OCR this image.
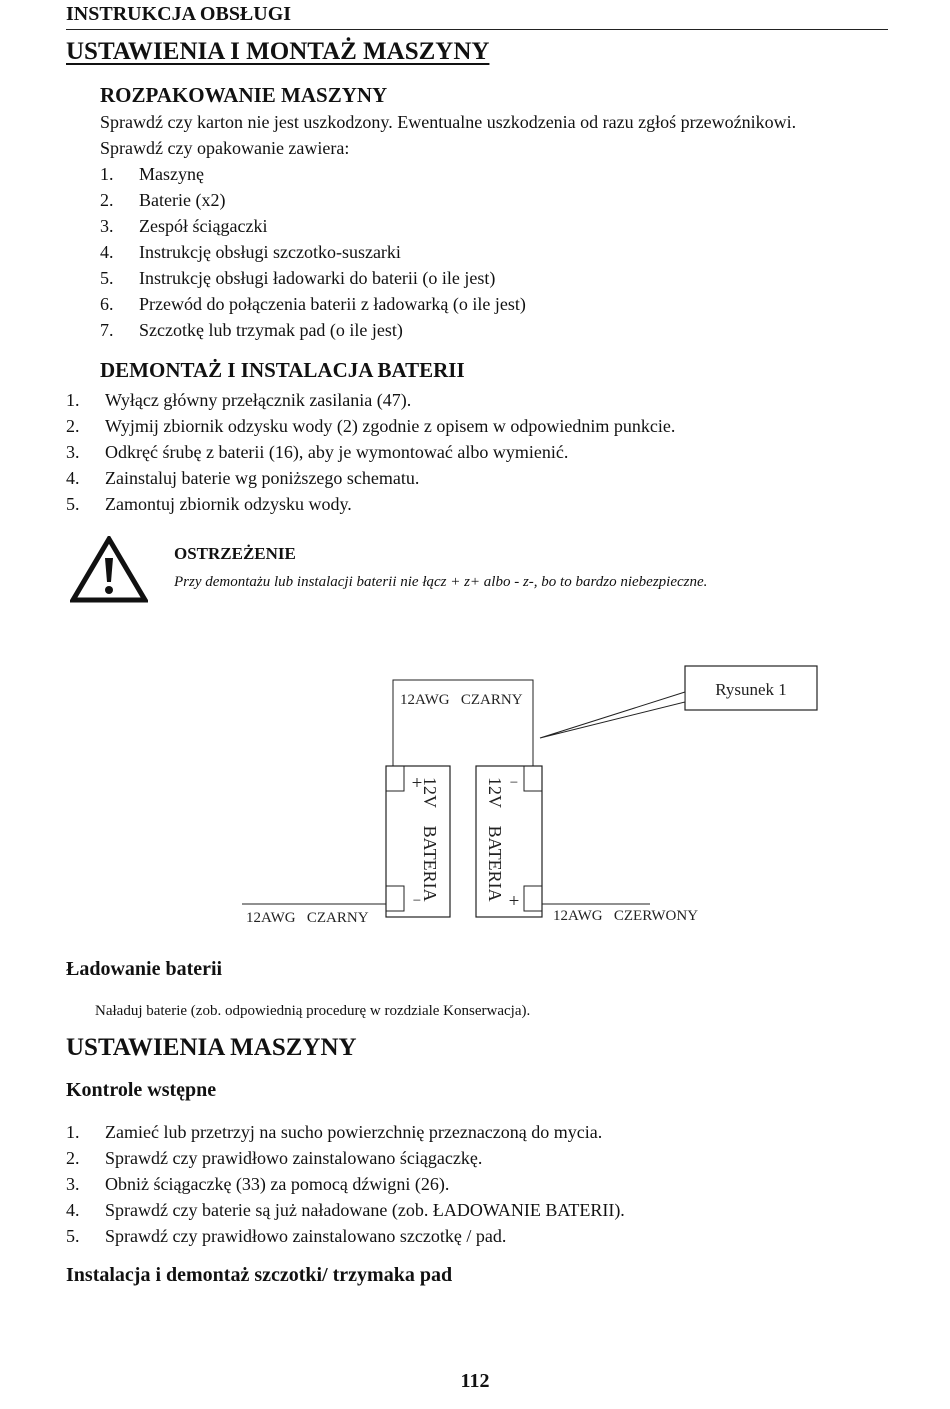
INSTRUKCJA OBSŁUGI
USTAWIENIA I MONTAŻ MASZYNY
ROZPAKOWANIE MASZYNY
Sprawdź czy karton nie jest uszkodzony. Ewentualne uszkodzenia od razu zgłoś przewoźnikowi.
Sprawdź czy opakowanie zawiera:
1. Maszynę
2. Baterie (x2)
3. Zespół ściągaczki
4. Instrukcję obsługi szczotko-suszarki
5. Instrukcję obsługi ładowarki do baterii (o ile jest)
6. Przewód do połączenia baterii z ładowarką (o ile jest)
7. Szczotkę lub trzymak pad (o ile jest)
DEMONTAŻ I INSTALACJA BATERII
1. Wyłącz główny przełącznik zasilania (47).
2. Wyjmij zbiornik odzysku wody (2) zgodnie z opisem w odpowiednim punkcie.
3. Odkręć śrubę z baterii (16), aby je wymontować albo wymienić.
4. Zainstaluj baterie wg poniższego schematu.
5. Zamontuj zbiornik odzysku wody.
OSTRZEŻENIE
Przy demontażu lub instalacji baterii nie łącz + z+ albo - z-, bo to bardzo niebezpieczne.
12AWG   CZARNY
Rysunek 1
+
−
12V    BATERIA	−
+
12V    BATERIA
12AWG   CZARNY	12AWG   CZERWONY
Ładowanie baterii
Naładuj baterie (zob. odpowiednią procedurę w rozdziale Konserwacja).
USTAWIENIA MASZYNY
Kontrole wstępne
1. Zamieć lub przetrzyj na sucho powierzchnię przeznaczoną do mycia.
2. Sprawdź czy prawidłowo zainstalowano ściągaczkę.
3. Obniż ściągaczkę (33) za pomocą dźwigni (26).
4. Sprawdź czy baterie są już naładowane (zob. ŁADOWANIE BATERII).
5. Sprawdź czy prawidłowo zainstalowano szczotkę / pad.
Instalacja i demontaż szczotki/ trzymaka pad
112
